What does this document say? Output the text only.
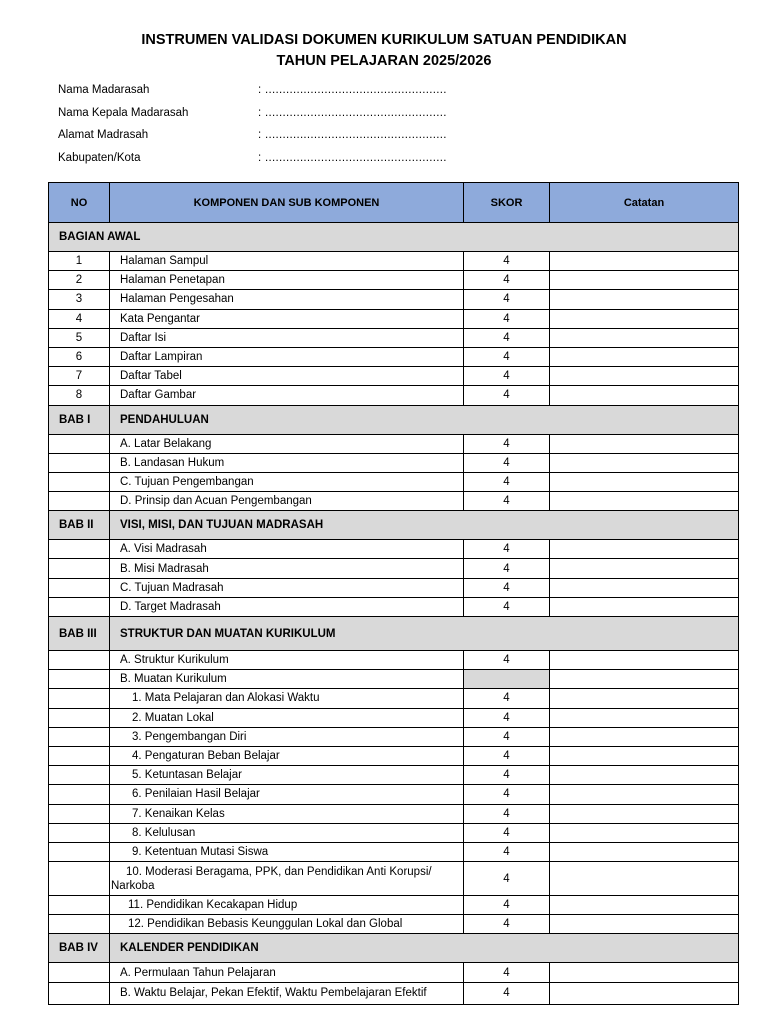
INSTRUMEN VALIDASI DOKUMEN KURIKULUM SATUAN PENDIDIKAN
TAHUN PELAJARAN 2025/2026
Nama Madarasah	: ....................................................
Nama Kepala Madarasah	: ....................................................
Alamat Madrasah	: ....................................................
Kabupaten/Kota	: ....................................................
NO	KOMPONEN DAN SUB KOMPONEN	SKOR	Catatan
BAGIAN AWAL			
1	Halaman Sampul	4	
2	Halaman Penetapan	4	
3	Halaman Pengesahan	4	
4	Kata Pengantar	4	
5	Daftar Isi	4	
6	Daftar Lampiran	4	
7	Daftar Tabel	4	
8	Daftar Gambar	4	
BAB I	PENDAHULUAN		
	A. Latar Belakang	4	
	B. Landasan Hukum	4	
	C. Tujuan Pengembangan	4	
	D. Prinsip dan Acuan Pengembangan	4	
BAB II	VISI, MISI, DAN TUJUAN MADRASAH		
	A. Visi Madrasah	4	
	B. Misi Madrasah	4	
	C. Tujuan Madrasah	4	
	D. Target Madrasah	4	
BAB III	STRUKTUR DAN MUATAN KURIKULUM		
	A. Struktur Kurikulum	4	
	B. Muatan Kurikulum		
	1. Mata Pelajaran dan Alokasi Waktu	4	
	2. Muatan Lokal	4	
	3. Pengembangan Diri	4	
	4. Pengaturan Beban Belajar	4	
	5. Ketuntasan Belajar	4	
	6. Penilaian Hasil Belajar	4	
	7. Kenaikan Kelas	4	
	8. Kelulusan	4	
	9. Ketentuan Mutasi Siswa	4	

	10. Moderasi Beragama, PPK, dan Pendidikan Anti Korupsi/
Narkoba	4	
	11. Pendidikan Kecakapan Hidup	4	
	12. Pendidikan Bebasis Keunggulan Lokal dan Global	4	
BAB IV	KALENDER PENDIDIKAN		
	A. Permulaan Tahun Pelajaran	4	
	B. Waktu Belajar, Pekan Efektif, Waktu Pembelajaran Efektif	4	
